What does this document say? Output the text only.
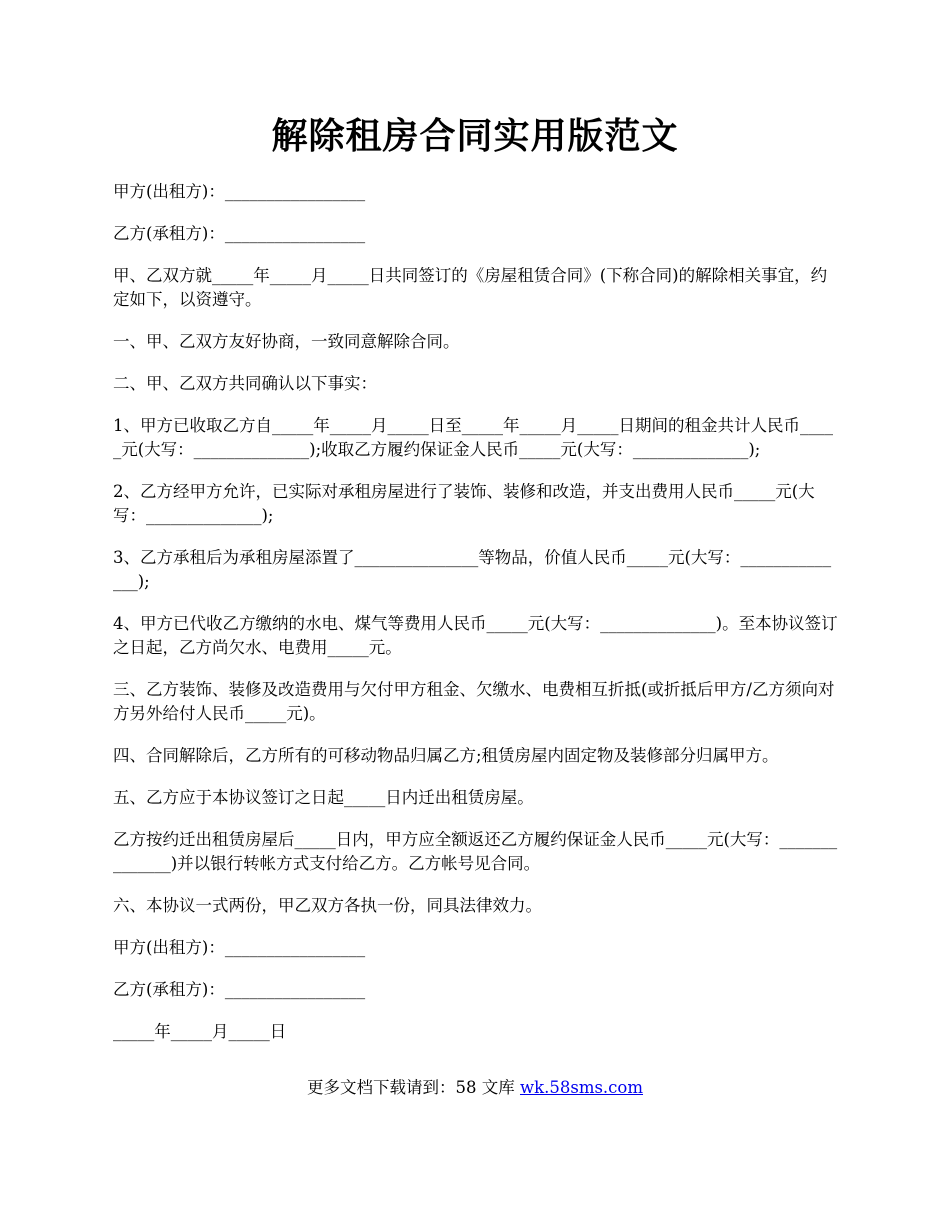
解除租房合同实用版范文

甲方(出租方)：_________________

乙方(承租方)：_________________

甲、乙双方就_____年_____月_____日共同签订的《房屋租赁合同》(下称合同)的解除相关事宜，约定如下，以资遵守。

一、甲、乙双方友好协商，一致同意解除合同。

二、甲、乙双方共同确认以下事实：

1、甲方已收取乙方自_____年_____月_____日至_____年_____月_____日期间的租金共计人民币_____元(大写：______________);收取乙方履约保证金人民币_____元(大写：______________);

2、乙方经甲方允许，已实际对承租房屋进行了装饰、装修和改造，并支出费用人民币_____元(大写：______________);

3、乙方承租后为承租房屋添置了_______________等物品，价值人民币_____元(大写：______________);

4、甲方已代收乙方缴纳的水电、煤气等费用人民币_____元(大写：______________)。至本协议签订之日起，乙方尚欠水、电费用_____元。

三、乙方装饰、装修及改造费用与欠付甲方租金、欠缴水、电费相互折抵(或折抵后甲方/乙方须向对方另外给付人民币_____元)。

四、合同解除后，乙方所有的可移动物品归属乙方;租赁房屋内固定物及装修部分归属甲方。

五、乙方应于本协议签订之日起_____日内迁出租赁房屋。

乙方按约迁出租赁房屋后_____日内，甲方应全额返还乙方履约保证金人民币_____元(大写：______________)并以银行转帐方式支付给乙方。乙方帐号见合同。

六、本协议一式两份，甲乙双方各执一份，同具法律效力。

甲方(出租方)：_________________

乙方(承租方)：_________________

_____年_____月_____日

更多文档下载请到：58 文库 wk.58sms.com
